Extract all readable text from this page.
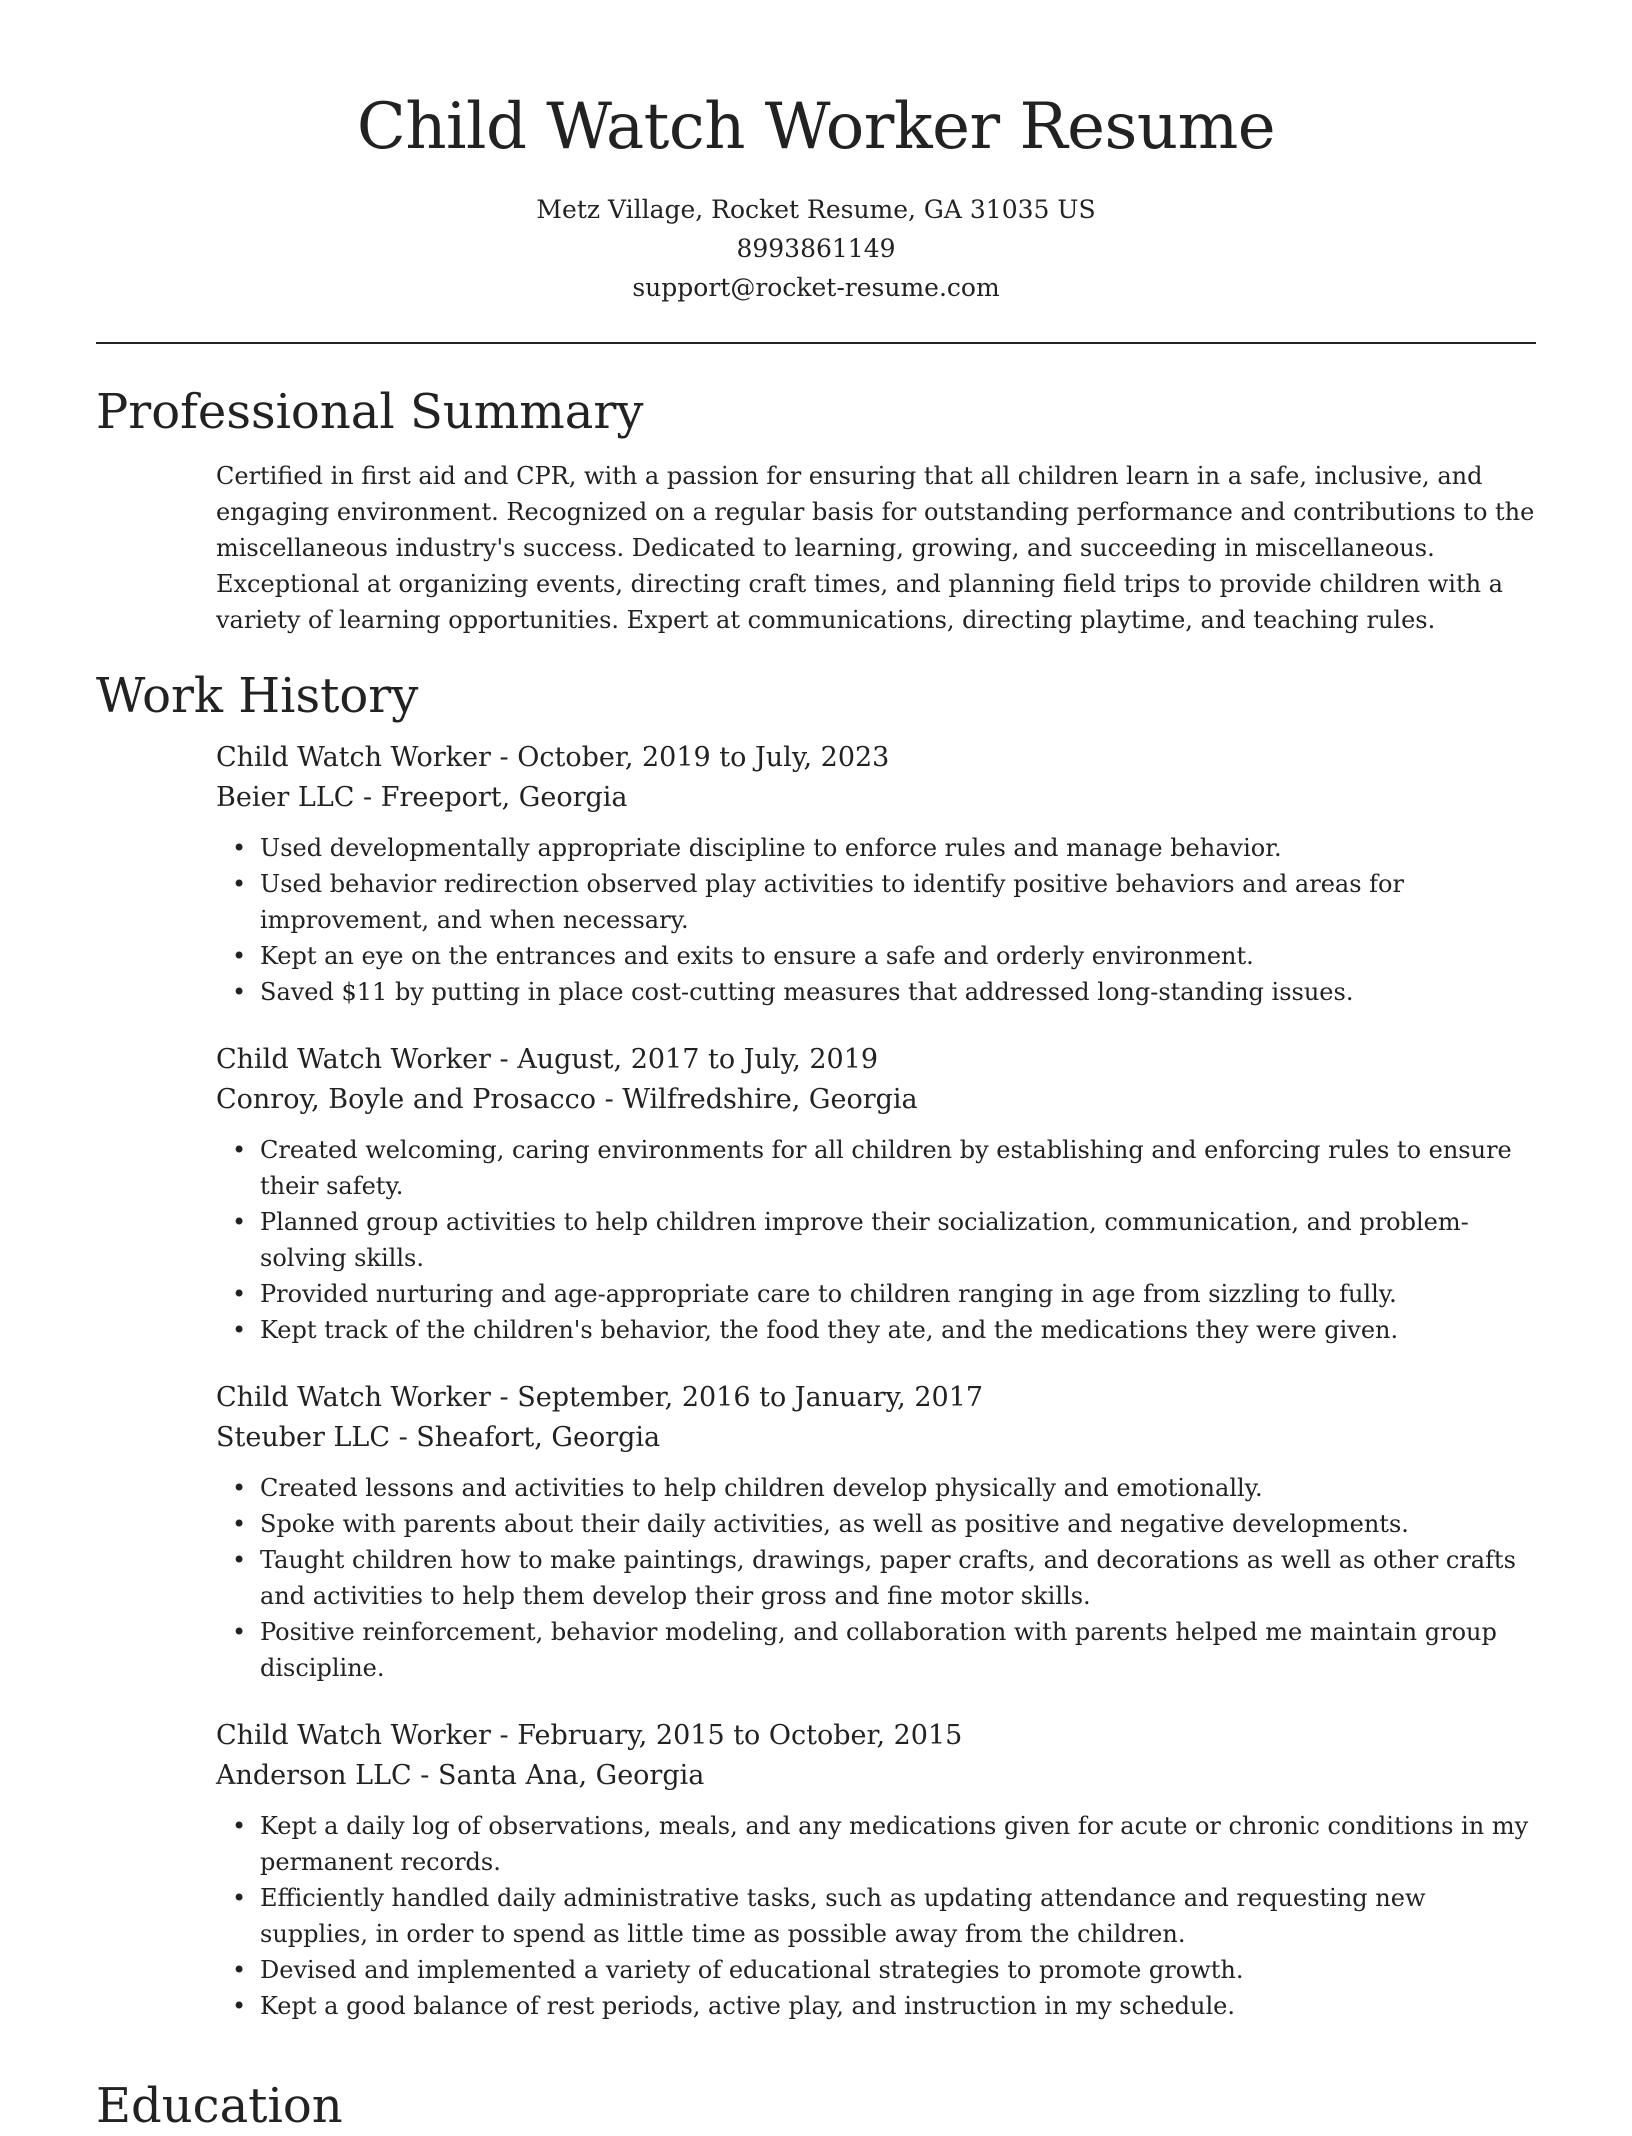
Child Watch Worker Resume
Metz Village, Rocket Resume, GA 31035 US
8993861149
support@rocket-resume.com
Professional Summary
Certified in first aid and CPR, with a passion for ensuring that all children learn in a safe, inclusive, and engaging environment. Recognized on a regular basis for outstanding performance and contributions to the miscellaneous industry's success. Dedicated to learning, growing, and succeeding in miscellaneous. Exceptional at organizing events, directing craft times, and planning field trips to provide children with a variety of learning opportunities. Expert at communications, directing playtime, and teaching rules.
Work History
Child Watch Worker - October, 2019 to July, 2023
Beier LLC - Freeport, Georgia
• Used developmentally appropriate discipline to enforce rules and manage behavior.
• Used behavior redirection observed play activities to identify positive behaviors and areas for improvement, and when necessary.
• Kept an eye on the entrances and exits to ensure a safe and orderly environment.
• Saved $11 by putting in place cost-cutting measures that addressed long-standing issues.
Child Watch Worker - August, 2017 to July, 2019
Conroy, Boyle and Prosacco - Wilfredshire, Georgia
• Created welcoming, caring environments for all children by establishing and enforcing rules to ensure their safety.
• Planned group activities to help children improve their socialization, communication, and problem-solving skills.
• Provided nurturing and age-appropriate care to children ranging in age from sizzling to fully.
• Kept track of the children's behavior, the food they ate, and the medications they were given.
Child Watch Worker - September, 2016 to January, 2017
Steuber LLC - Sheafort, Georgia
• Created lessons and activities to help children develop physically and emotionally.
• Spoke with parents about their daily activities, as well as positive and negative developments.
• Taught children how to make paintings, drawings, paper crafts, and decorations as well as other crafts and activities to help them develop their gross and fine motor skills.
• Positive reinforcement, behavior modeling, and collaboration with parents helped me maintain group discipline.
Child Watch Worker - February, 2015 to October, 2015
Anderson LLC - Santa Ana, Georgia
• Kept a daily log of observations, meals, and any medications given for acute or chronic conditions in my permanent records.
• Efficiently handled daily administrative tasks, such as updating attendance and requesting new supplies, in order to spend as little time as possible away from the children.
• Devised and implemented a variety of educational strategies to promote growth.
• Kept a good balance of rest periods, active play, and instruction in my schedule.
Education
